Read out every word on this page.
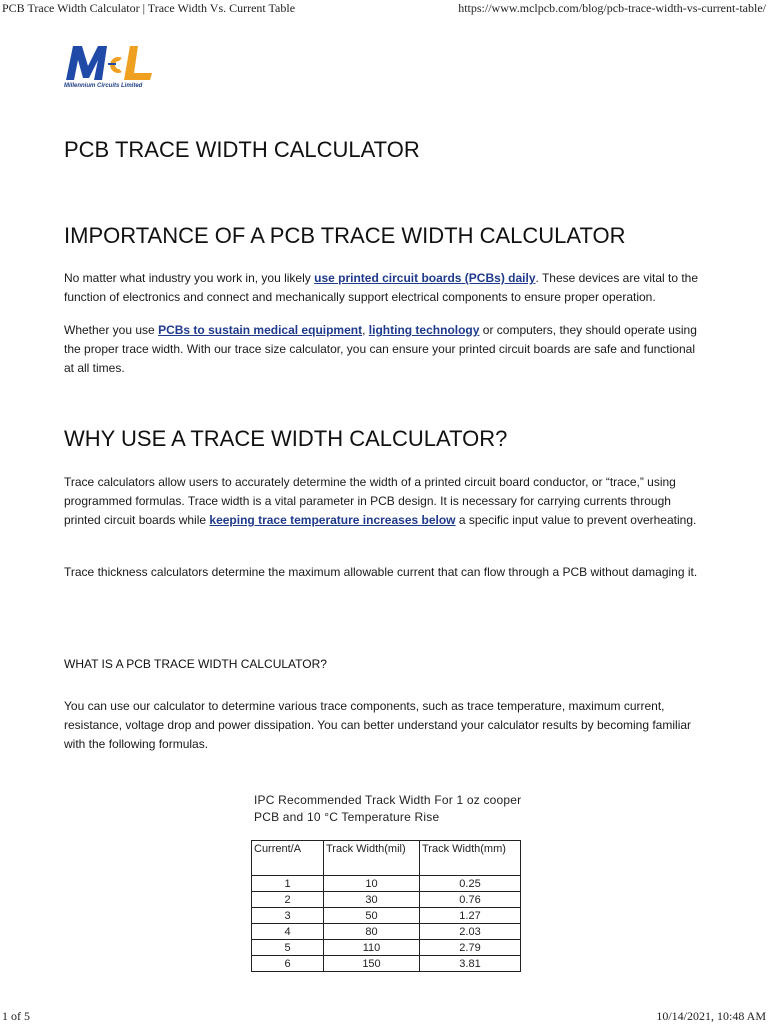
PCB Trace Width Calculator | Trace Width Vs. Current Table	https://www.mclpcb.com/blog/pcb-trace-width-vs-current-table/
Millennium Circuits Limited
PCB TRACE WIDTH CALCULATOR
IMPORTANCE OF A PCB TRACE WIDTH CALCULATOR

No matter what industry you work in, you likely use printed circuit boards (PCBs) daily. These devices are vital to the function of electronics and connect and mechanically support electrical components to ensure proper operation.

Whether you use PCBs to sustain medical equipment, lighting technology or computers, they should operate using the proper trace width. With our trace size calculator, you can ensure your printed circuit boards are safe and functional at all times.

WHY USE A TRACE WIDTH CALCULATOR?

Trace calculators allow users to accurately determine the width of a printed circuit board conductor, or “trace,” using programmed formulas. Trace width is a vital parameter in PCB design. It is necessary for carrying currents through printed circuit boards while keeping trace temperature increases below a specific input value to prevent overheating.

Trace thickness calculators determine the maximum allowable current that can flow through a PCB without damaging it.

WHAT IS A PCB TRACE WIDTH CALCULATOR?

You can use our calculator to determine various trace components, such as trace temperature, maximum current, resistance, voltage drop and power dissipation. You can better understand your calculator results by becoming familiar with the following formulas.

IPC Recommended Track Width For 1 oz cooper
PCB and 10 °C Temperature Rise
Current/A	Track Width(mil)	Track Width(mm)
1	10	0.25
2	30	0.76
3	50	1.27
4	80	2.03
5	110	2.79
6	150	3.81
1 of 5	10/14/2021, 10:48 AM
